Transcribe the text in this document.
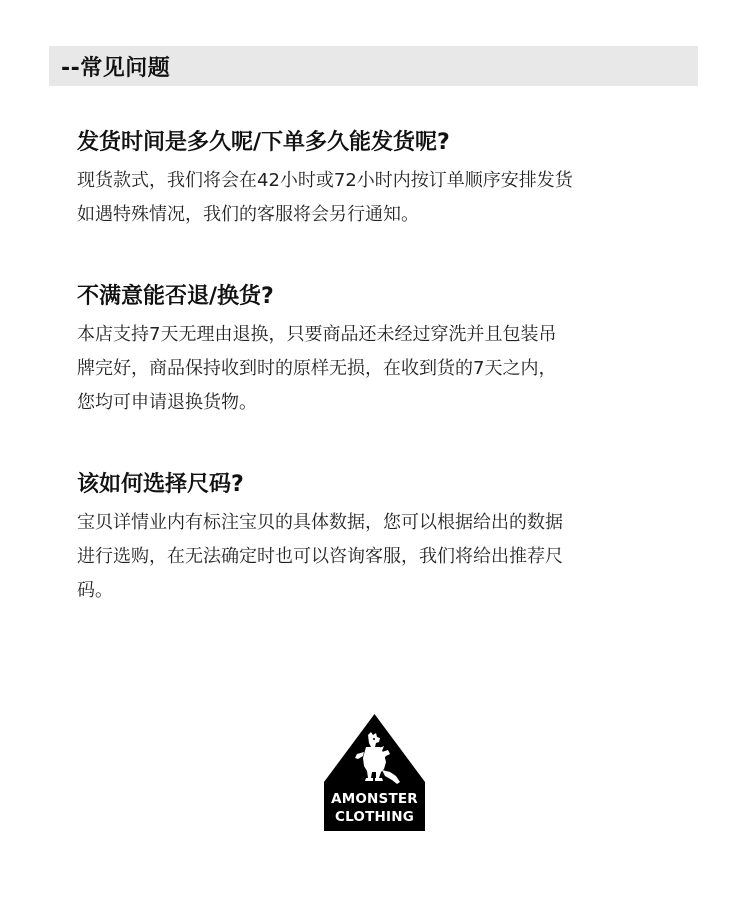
--常见问题

发货时间是多久呢/下单多久能发货呢?

现货款式，我们将会在42小时或72小时内按订单顺序安排发货
如遇特殊情况，我们的客服将会另行通知。

不满意能否退/换货?

本店支持7天无理由退换，只要商品还未经过穿洗并且包装吊
牌完好，商品保持收到时的原样无损，在收到货的7天之内，
您均可申请退换货物。

该如何选择尺码?

宝贝详情业内有标注宝贝的具体数据，您可以根据给出的数据
进行选购，在无法确定时也可以咨询客服，我们将给出推荐尺
码。

AMONSTER
CLOTHING
